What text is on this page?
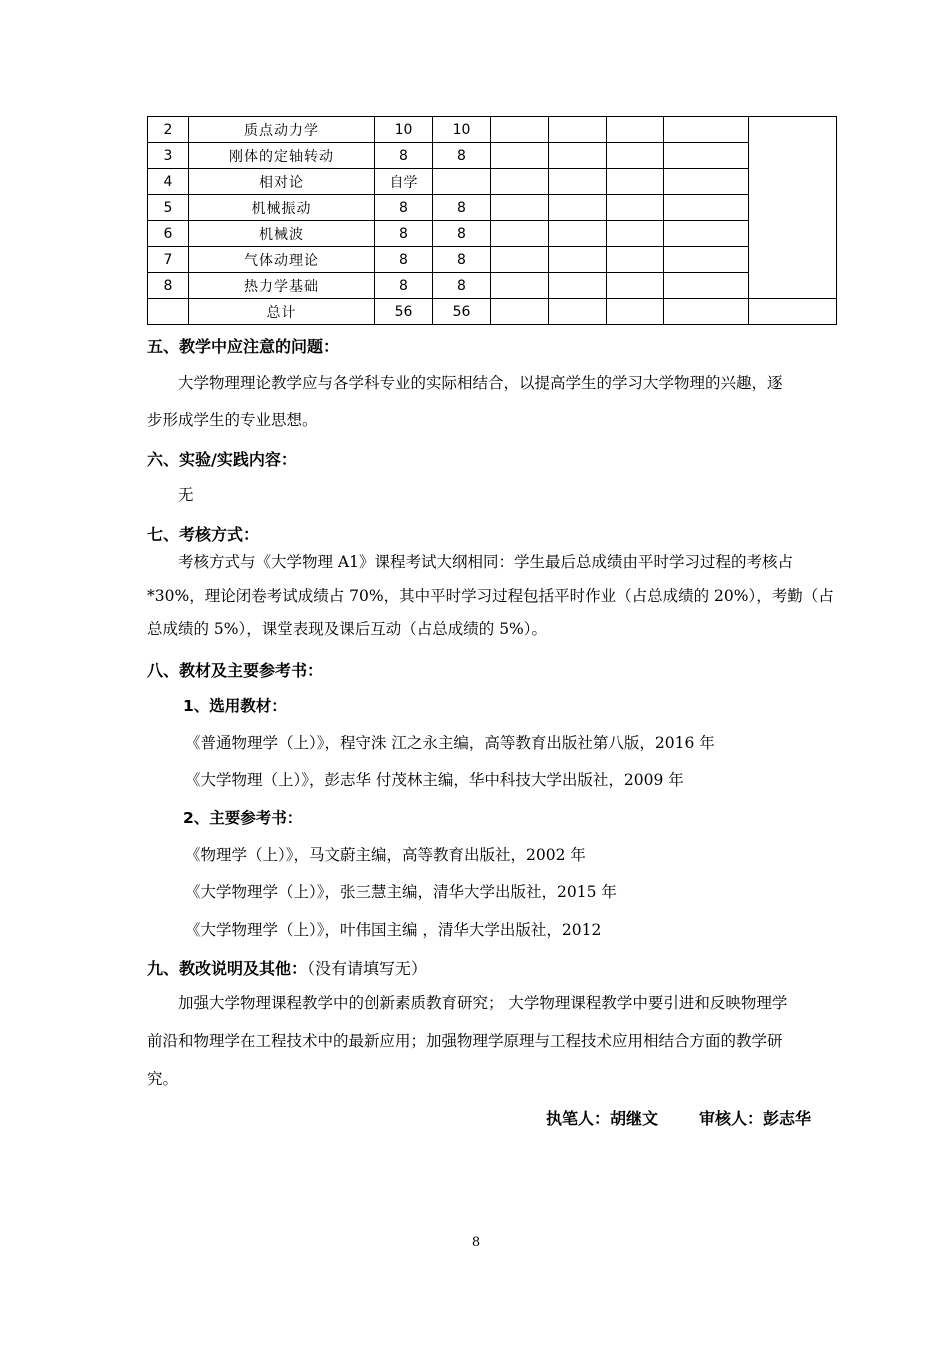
2	质点动力学	10	10					
3	刚体的定轴转动	8	8					
4	相对论	自学						
5	机械振动	8	8					
6	机械波	8	8					
7	气体动理论	8	8					
8	热力学基础	8	8					
	总计	56	56					
五、教学中应注意的问题：
大学物理理论教学应与各学科专业的实际相结合，以提高学生的学习大学物理的兴趣，逐
步形成学生的专业思想。
六、实验/实践内容：
无
七、考核方式：
考核方式与《大学物理 A1》课程考试大纲相同：学生最后总成绩由平时学习过程的考核占
*30%，理论闭卷考试成绩占 70%，其中平时学习过程包括平时作业（占总成绩的 20%），考勤（占
总成绩的 5%），课堂表现及课后互动（占总成绩的 5%）。
八、教材及主要参考书：
1、选用教材：
《普通物理学（上）》，程守洙 江之永主编，高等教育出版社第八版，2016 年
《大学物理（上）》，彭志华 付茂林主编，华中科技大学出版社，2009 年
2、主要参考书：
《物理学（上）》，马文蔚主编，高等教育出版社，2002 年
《大学物理学（上）》，张三慧主编，清华大学出版社，2015 年
《大学物理学（上）》，叶伟国主编 ，清华大学出版社，2012
九、教改说明及其他：（没有请填写无）
加强大学物理课程教学中的创新素质教育研究； 大学物理课程教学中要引进和反映物理学
前沿和物理学在工程技术中的最新应用；加强物理学原理与工程技术应用相结合方面的教学研
究。
执笔人：胡继文	审核人：彭志华
8
